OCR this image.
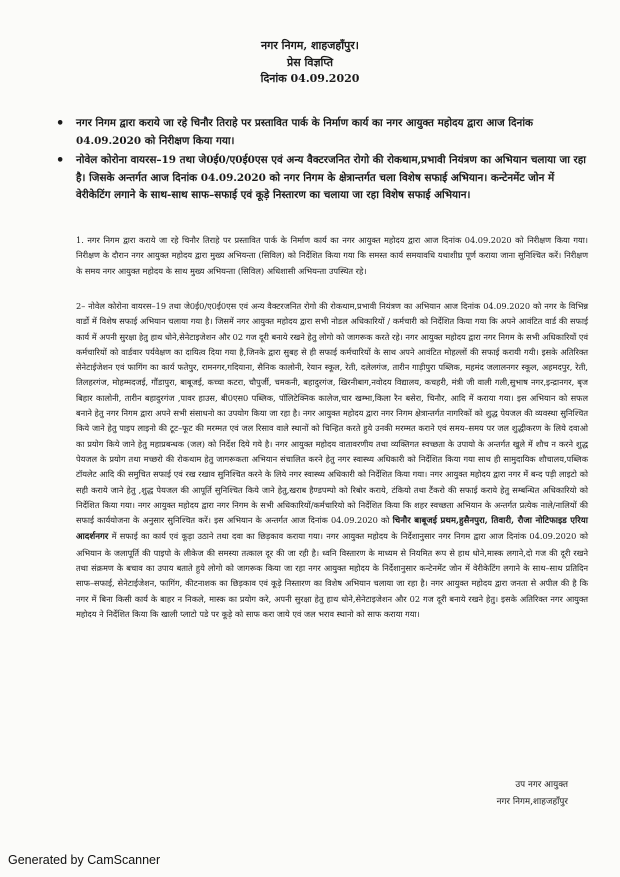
नगर निगम, शाहजहाँपुर।
प्रेस विज्ञप्ति
दिनांक 04.09.2020
• नगर निगम द्वारा कराये जा रहे चिनौर तिराहे पर प्रस्तावित पार्क के निर्माण कार्य का नगर आयुक्त महोदय द्वारा आज दिनांक 04.09.2020 को निरीक्षण किया गया।
• नोवेल कोरोना वायरस–19 तथा जे0ई0/ए0ई0एस एवं अन्य वैक्टरजनित रोगो की रोकथाम,प्रभावी नियंत्रण का अभियान चलाया जा रहा है। जिसके अन्तर्गत आज दिनांक 04.09.2020 को नगर निगम के क्षेत्रान्तर्गत चला विशेष सफाई अभियान। कन्टेनमेंट जोन में वेरीकेटिंग लगाने के साथ-साथ साफ–सफाई एवं कूड़े निस्तारण का चलाया जा रहा विशेष सफाई अभियान।

1. नगर निगम द्वारा कराये जा रहे चिनौर तिराहे पर प्रस्तावित पार्क के निर्माण कार्य का नगर आयुक्त महोदय द्वारा आज दिनांक 04.09.2020 को निरीक्षण किया गया। निरीक्षण के दौरान नगर आयुक्त महोदय द्वारा मुख्य अभियन्ता (सिविल) को निर्देशित किया गया कि समस्त कार्य समयावधि यथाशीघ्र पूर्ण कराया जाना सुनिश्चित करें। निरीक्षण के समय नगर आयुक्त महोदय के साथ मुख्य अभियन्ता (सिविल) अधिशासी अभियन्ता उपस्थित रहे।

2– नोवेल कोरोना वायरस–19 तथा जे0ई0/ए0ई0एस एवं अन्य वैक्टरजनित रोगो की रोकथाम,प्रभावी नियंत्रण का अभियान आज दिनांक 04.09.2020 को नगर के विभिन्न वार्डो में विशेष सफाई अभियान चलाया गया है। जिसमें नगर आयुक्त महोदय द्वारा सभी नोडल अधिकारियों / कर्मचारी को निर्देशित किया गया कि अपने आवंटित वार्ड की सफाई कार्य में अपनी सुरक्षा हेतु हाथ धोने,सेनेटाइजेशन और 02 गज दूरी बनाये रखने हेतु लोगो को जागरूक करते रहे। नगर आयुक्त महोदय द्वारा नगर निगम के सभी अधिकारियों एवं कर्मचारियों को वार्डवार पर्यवेक्षण का दायित्व दिया गया है,जिनके द्वारा सुबह से ही सफाई कर्मचारियों के साथ अपने आवंटित मोहल्लों की सफाई करायी गयी। इसके अतिरिक्त सेनेटाईजेशन एवं फागिंग का कार्य फतेपुर, रामनगर,गदियाना, सैनिक कालोनी, रेयान स्कूल, रेती, दलेलगंज, तारीन गाड़ीपुरा पब्लिक, महमंद जलालनगर स्कूल, अहमदपुर, रेती, तिलहरगंज, मोहम्मदजई, गौंडापुरा, बाबूजई, कच्चा कटरा, चौपुर्जी, चमकनी, बहादुरगंज, खिरनीबाग,नवोदय विद्यालय, कचहरी, मंत्री जी वाली गली,सुभाष नगर,इन्द्रानगर, बृज बिहार कालोनी, तारीन बहादुरगंज ,पावर हाउस, बी0एस0 पब्लिक, पॉलिटेक्निक कालेज,चार खम्भा,किला रैन बसेरा, चिनौर, आदि में कराया गया। इस अभियान को सफल बनाने हेतु नगर निगम द्वारा अपने सभी संसाधनो का उपयोग किया जा रहा है। नगर आयुक्त महोदय द्वारा नगर निगम क्षेत्रान्तर्गत नागरिकों को शुद्ध पेयजल की व्यवस्था सुनिश्चित किये जाने हेतु पाइप लाइनो की टूट–फूट की मरम्मत एवं जल रिसाव वाले स्थानों को चिन्हित करते हुये उनकी मरम्मत कराने एवं समय–समय पर जल शुद्धीकरण के लिये दवाओ का प्रयोग किये जाने हेतु महाप्रबन्धक (जल) को निर्देश दिये गये है। नगर आयुक्त महोदय वातावरणीय तथा व्यक्तिगत स्वच्छता के उपायो के अन्तर्गत खुले में शौच न करने शुद्ध पेयजल के प्रयोग तथा मच्छरो की रोकथाम हेतु जागरूकता अभियान संचालित करने हेतु नगर स्वास्थ्य अधिकारी को निर्देशित किया गया साथ ही सामुदायिक शौचालय,पब्लिक टॉयलेट आदि की समुचित सफाई एवं रख रखाव सुनिश्चित करने के लिये नगर स्वास्थ्य अधिकारी को निर्देशित किया गया। नगर आयुक्त महोदय द्वारा नगर में बन्द पड़ी लाइटो को सही कराये जाने हेतु ,शुद्ध पेयजल की आपूर्ति सुनिश्चित किये जाने हेतु,खराब हैण्डपम्पो को रिबोर कराये, टंकियो तथा टैंकरो की सफाई कराये हेतु सम्बन्धित अधिकारियो को निर्देशित किया गया। नगर आयुक्त महोदय द्वारा नगर निगम के सभी अधिकारियों/कर्मचारियो को निर्देशित किया कि शहर स्वच्छता अभियान के अन्तर्गत प्रत्येक नाले/नालियों की सफाई कार्ययोजना के अनुसार सुनिश्चित करें। इस अभियान के अन्तर्गत आज दिनांक 04.09.2020 को चिनौर बाबूजई प्रथम,हुसैनपुरा, तिवारी, रौजा नोटिफाइड एरिया आदर्शनगर में सफाई का कार्य एवं कूड़ा उठाने तथा दवा का छिड़काव कराया गया। नगर आयुक्त महोदय के निर्देशानुसार नगर निगम द्वारा आज दिनांक 04.09.2020 को अभियान के जलापूर्ति की पाइपो के लीकेज की समस्या तत्काल दूर की जा रही है। ध्वनि विस्तारण के माध्यम से नियमित रूप से हाथ धोने,मास्क लगाने,दो गज की दूरी रखने तथा संक्रमण के बचाव का उपाय बताते हुये लोगो को जागरूक किया जा रहा नगर आयुक्त महोदय के निर्देशानुसार कन्टेनमेंट जोन में वेरीकेटिंग लगाने के साथ–साथ प्रतिदिन साफ–सफाई, सेनेटाईजेशन, फागिंग, कीटनाशक का छिड़काव एवं कूड़े निस्तारण का विशेष अभियान चलाया जा रहा है। नगर आयुक्त महोदय द्वारा जनता से अपील की है कि नगर में बिना किसी कार्य के बाहर न निकले, मास्क का प्रयोग करे, अपनी सुरक्षा हेतु हाथ धोने,सेनेटाइजेशन और 02 गज दूरी बनाये रखने हेतु। इसके अतिरिक्त नगर आयुक्त महोदय ने निर्देशित किया कि खाली प्लाटो पडे पर कूड़े को साफ करा जाये एवं जल भराव स्थानो को साफ कराया गया।

उप नगर आयुक्त
नगर निगम,शाहजहाँपुर
Generated by CamScanner
